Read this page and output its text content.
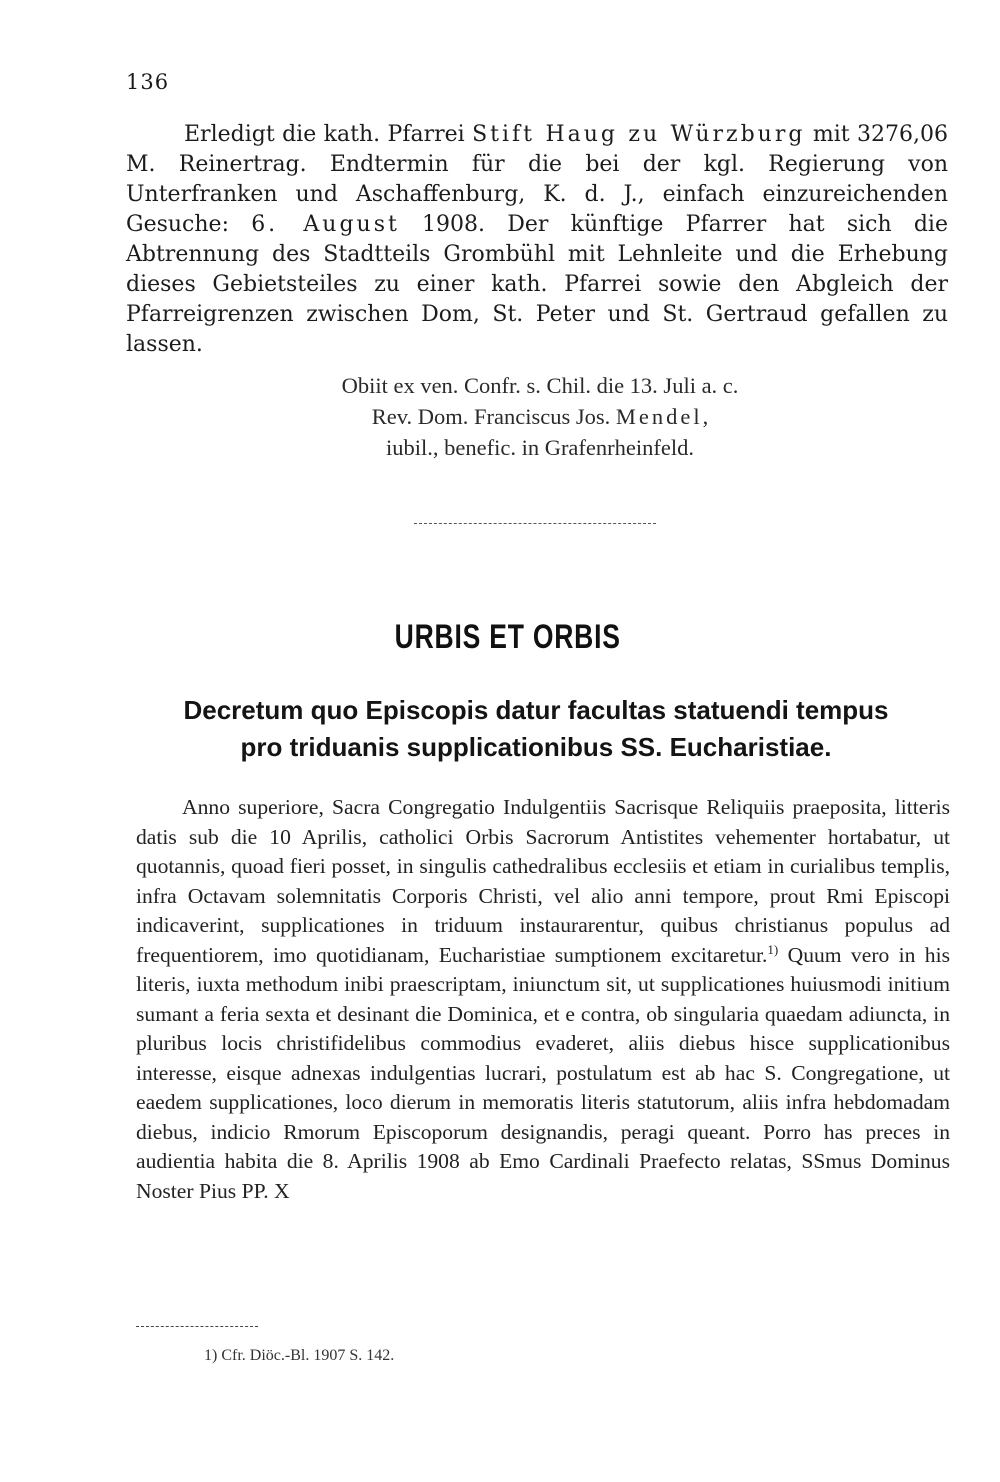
136
Erledigt die kath. Pfarrei Stift Haug zu Würzburg mit 3276,06 M. Reinertrag. Endtermin für die bei der kgl. Regierung von Unterfranken und Aschaffenburg, K. d. J., einfach einzureichenden Gesuche: 6. August 1908. Der künftige Pfarrer hat sich die Abtrennung des Stadtteils Grombühl mit Lehnleite und die Erhebung dieses Gebietsteiles zu einer kath. Pfarrei sowie den Abgleich der Pfarreigrenzen zwischen Dom, St. Peter und St. Gertraud gefallen zu lassen.
Obiit ex ven. Confr. s. Chil. die 13. Juli a. c.
Rev. Dom. Franciscus Jos. Mendel,
iubil., benefic. in Grafenrheinfeld.
URBIS ET ORBIS
Decretum quo Episcopis datur facultas statuendi tempus
pro triduanis supplicationibus SS. Eucharistiae.
Anno superiore, Sacra Congregatio Indulgentiis Sacrisque Reliquiis praeposita, litteris datis sub die 10 Aprilis, catholici Orbis Sacrorum Antistites vehementer hortabatur, ut quotannis, quoad fieri posset, in singulis cathedralibus ecclesiis et etiam in curialibus templis, infra Octavam solemnitatis Corporis Christi, vel alio anni tempore, prout Rmi Episcopi indicaverint, supplicationes in triduum instaurarentur, quibus christianus populus ad frequentiorem, imo quotidianam, Eucharistiae sumptionem excitaretur.$^{1)}$ Quum vero in his literis, iuxta methodum inibi praescriptam, iniunctum sit, ut supplicationes huiusmodi initium sumant a feria sexta et desinant die Dominica, et e contra, ob singularia quaedam adiuncta, in pluribus locis christifidelibus commodius evaderet, aliis diebus hisce supplicationibus interesse, eisque adnexas indulgentias lucrari, postulatum est ab hac S. Congregatione, ut eaedem supplicationes, loco dierum in memoratis literis statutorum, aliis infra hebdomadam diebus, indicio Rmorum Episcoporum designandis, peragi queant. Porro has preces in audientia habita die 8. Aprilis 1908 ab Emo Cardinali Praefecto relatas, SSmus Dominus Noster Pius PP. X
1) Cfr. Diöc.-Bl. 1907 S. 142.
